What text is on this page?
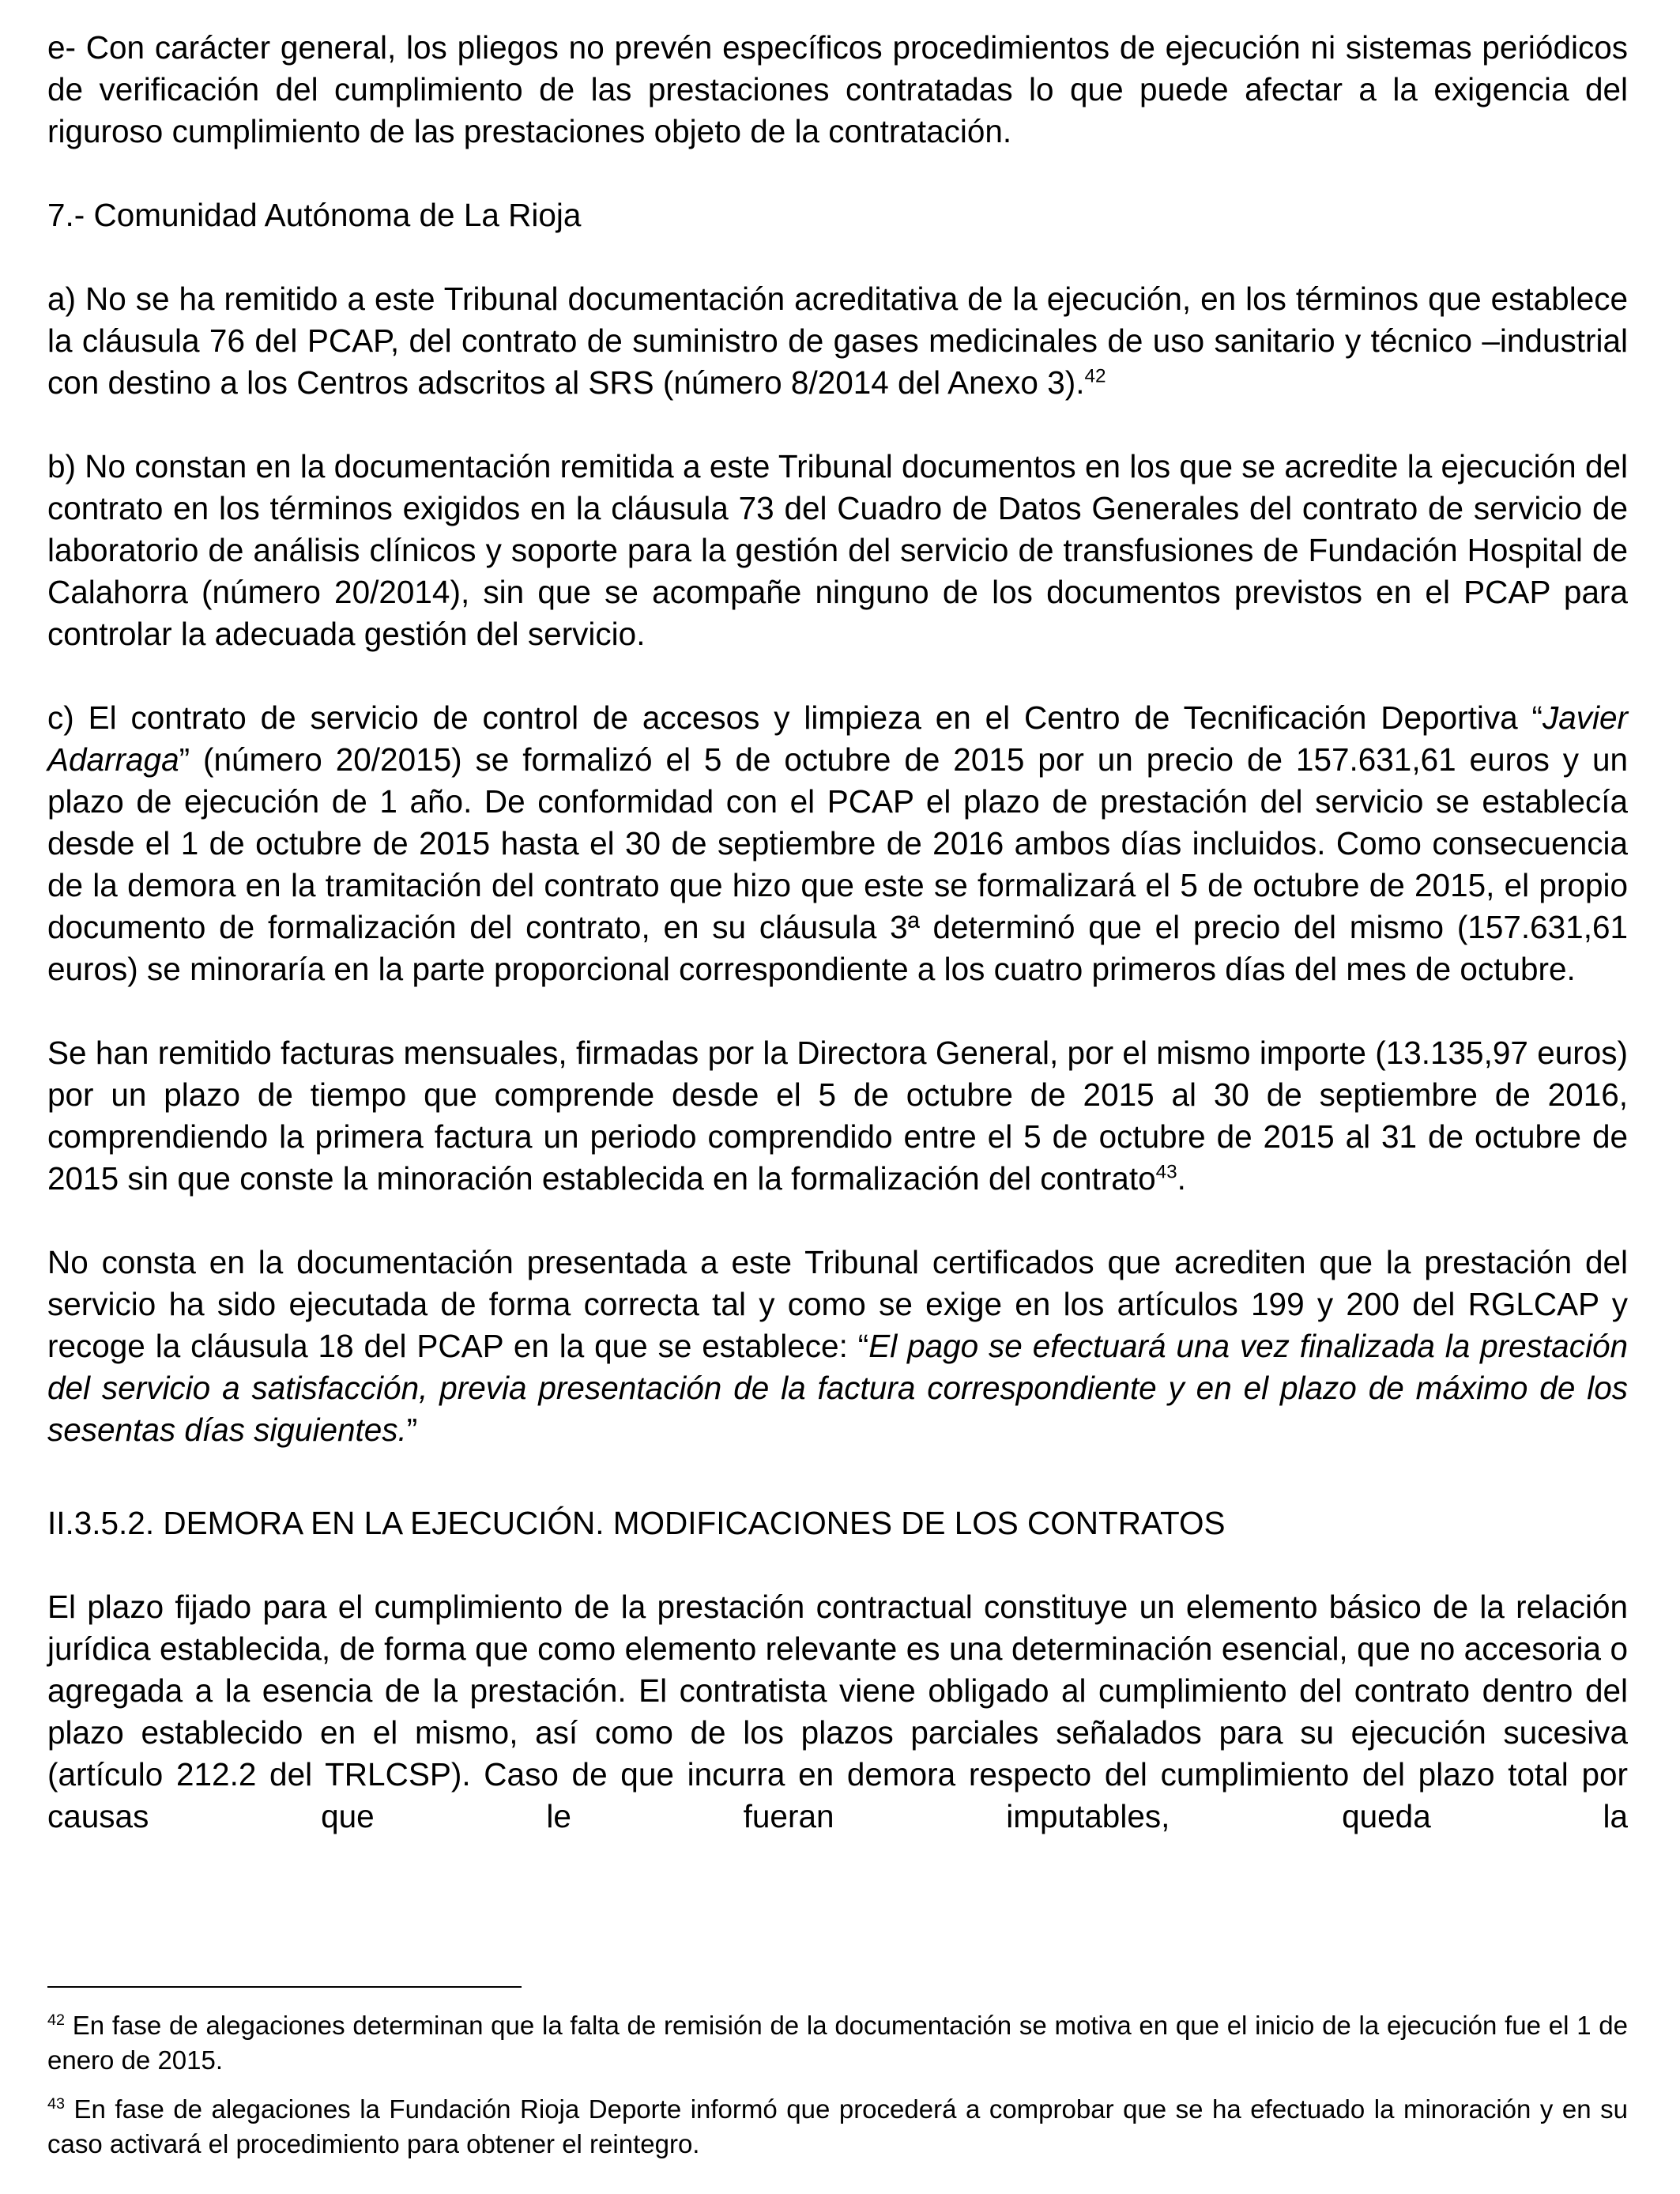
e- Con carácter general, los pliegos no prevén específicos procedimientos de ejecución ni sistemas periódicos de verificación del cumplimiento de las prestaciones contratadas lo que puede afectar a la exigencia del riguroso cumplimiento de las prestaciones objeto de la contratación.

7.- Comunidad Autónoma de La Rioja

a) No se ha remitido a este Tribunal documentación acreditativa de la ejecución, en los términos que establece la cláusula 76 del PCAP, del contrato de suministro de gases medicinales de uso sanitario y técnico –industrial con destino a los Centros adscritos al SRS (número 8/2014 del Anexo 3).$^{42}$

b) No constan en la documentación remitida a este Tribunal documentos en los que se acredite la ejecución del contrato en los términos exigidos en la cláusula 73 del Cuadro de Datos Generales del contrato de servicio de laboratorio de análisis clínicos y soporte para la gestión del servicio de transfusiones de Fundación Hospital de Calahorra (número 20/2014), sin que se acompañe ninguno de los documentos previstos en el PCAP para controlar la adecuada gestión del servicio.

c) El contrato de servicio de control de accesos y limpieza en el Centro de Tecnificación Deportiva “Javier Adarraga” (número 20/2015) se formalizó el 5 de octubre de 2015 por un precio de 157.631,61 euros y un plazo de ejecución de 1 año. De conformidad con el PCAP el plazo de prestación del servicio se establecía desde el 1 de octubre de 2015 hasta el 30 de septiembre de 2016 ambos días incluidos. Como consecuencia de la demora en la tramitación del contrato que hizo que este se formalizará el 5 de octubre de 2015, el propio documento de formalización del contrato, en su cláusula 3ª determinó que el precio del mismo (157.631,61 euros) se minoraría en la parte proporcional correspondiente a los cuatro primeros días del mes de octubre.

Se han remitido facturas mensuales, firmadas por la Directora General, por el mismo importe (13.135,97 euros) por un plazo de tiempo que comprende desde el 5 de octubre de 2015 al 30 de septiembre de 2016, comprendiendo la primera factura un periodo comprendido entre el 5 de octubre de 2015 al 31 de octubre de 2015 sin que conste la minoración establecida en la formalización del contrato$^{43}$.

No consta en la documentación presentada a este Tribunal certificados que acrediten que la prestación del servicio ha sido ejecutada de forma correcta tal y como se exige en los artículos 199 y 200 del RGLCAP y recoge la cláusula 18 del PCAP en la que se establece: “El pago se efectuará una vez finalizada la prestación del servicio a satisfacción, previa presentación de la factura correspondiente y en el plazo de máximo de los sesentas días siguientes.”

II.3.5.2. DEMORA EN LA EJECUCIÓN. MODIFICACIONES DE LOS CONTRATOS

El plazo fijado para el cumplimiento de la prestación contractual constituye un elemento básico de la relación jurídica establecida, de forma que como elemento relevante es una determinación esencial, que no accesoria o agregada a la esencia de la prestación. El contratista viene obligado al cumplimiento del contrato dentro del plazo establecido en el mismo, así como de los plazos parciales señalados para su ejecución sucesiva (artículo 212.2 del TRLCSP). Caso de que incurra en demora respecto del cumplimiento del plazo total por causas que le fueran imputables, queda la

$^{42}$ En fase de alegaciones determinan que la falta de remisión de la documentación se motiva en que el inicio de la ejecución fue el 1 de enero de 2015.

$^{43}$ En fase de alegaciones la Fundación Rioja Deporte informó que procederá a comprobar que se ha efectuado la minoración y en su caso activará el procedimiento para obtener el reintegro.
